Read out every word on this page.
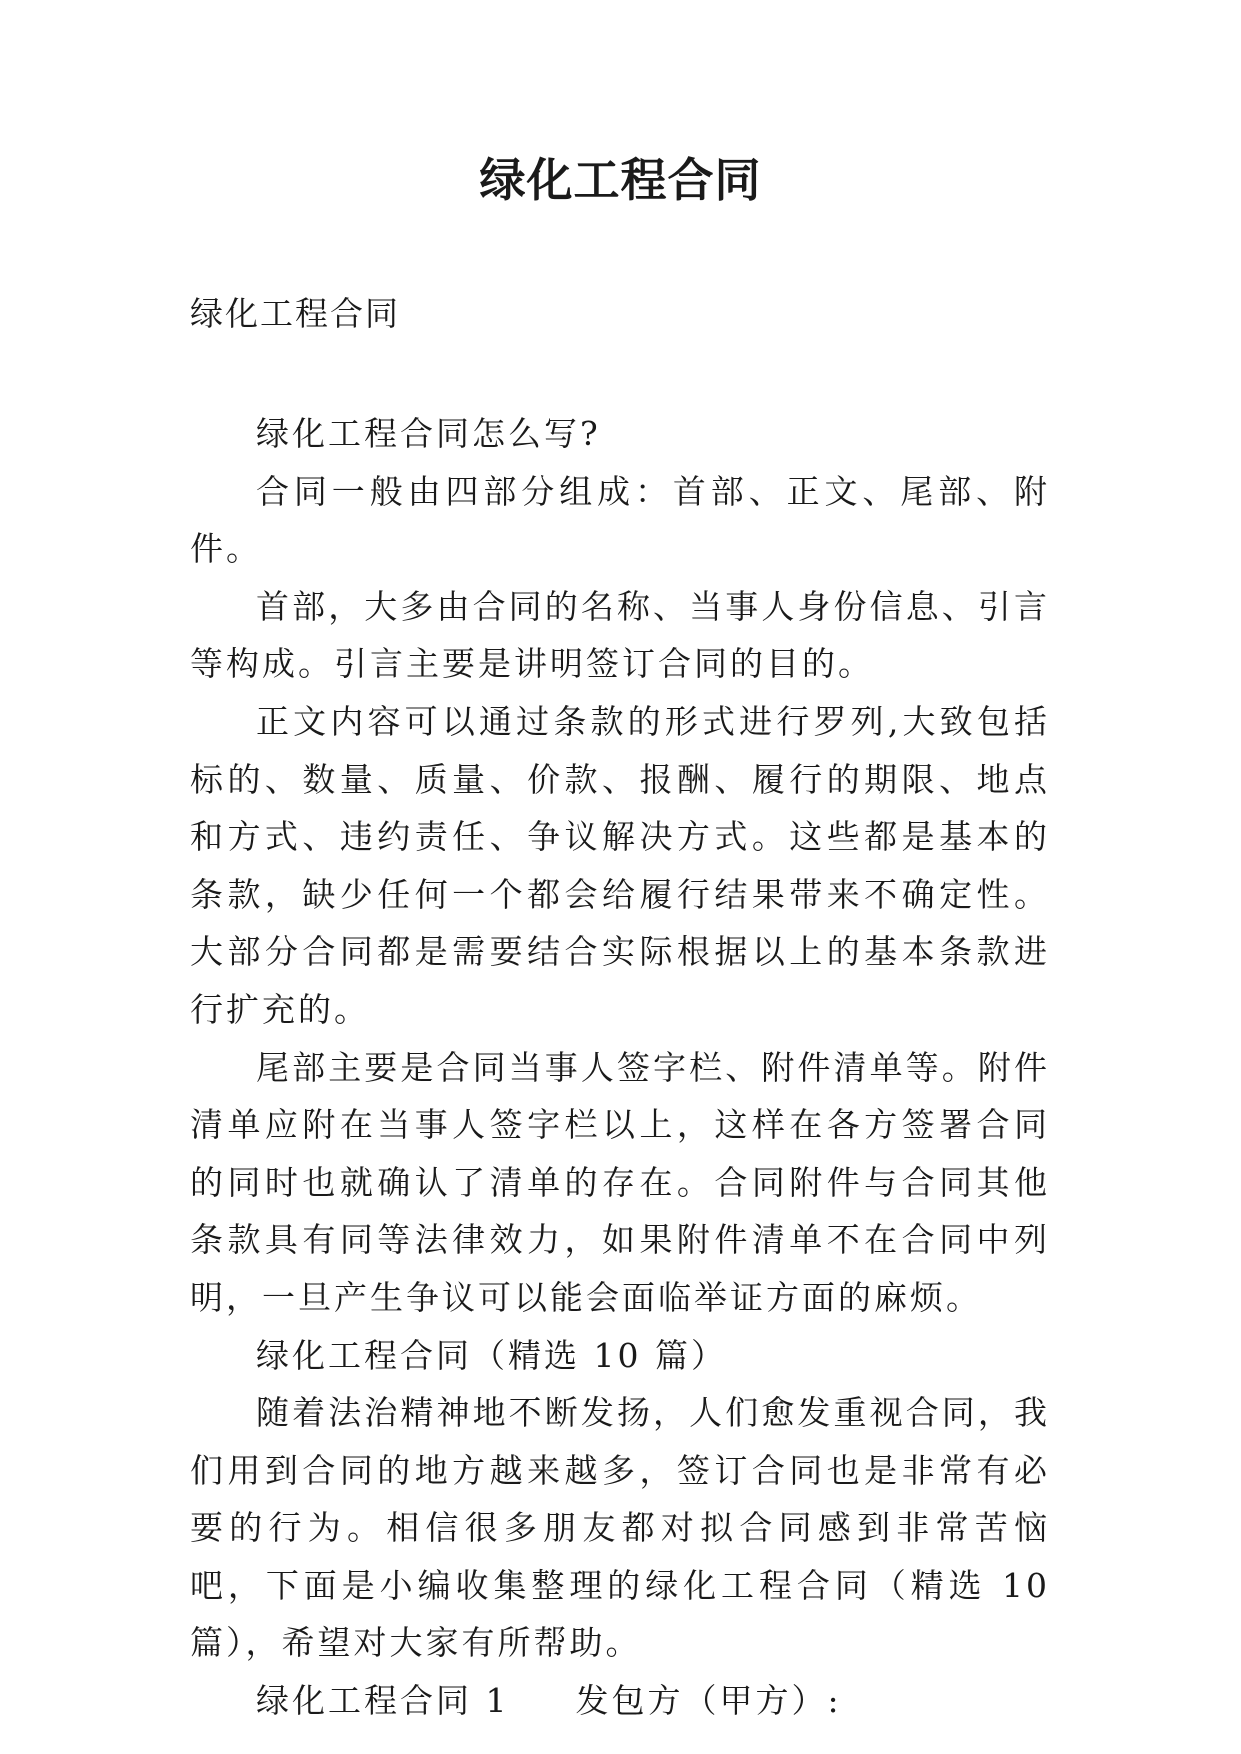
绿化工程合同
绿化工程合同

绿化工程合同怎么写?

合同一般由四部分组成：首部、正文、尾部、附件。

首部，大多由合同的名称、当事人身份信息、引言等构成。引言主要是讲明签订合同的目的。

正文内容可以通过条款的形式进行罗列,大致包括标的、数量、质量、价款、报酬、履行的期限、地点和方式、违约责任、争议解决方式。这些都是基本的条款，缺少任何一个都会给履行结果带来不确定性。大部分合同都是需要结合实际根据以上的基本条款进行扩充的。

尾部主要是合同当事人签字栏、附件清单等。附件清单应附在当事人签字栏以上，这样在各方签署合同的同时也就确认了清单的存在。合同附件与合同其他条款具有同等法律效力，如果附件清单不在合同中列明，一旦产生争议可以能会面临举证方面的麻烦。

绿化工程合同（精选 10 篇）

随着法治精神地不断发扬，人们愈发重视合同，我们用到合同的地方越来越多，签订合同也是非常有必要的行为。相信很多朋友都对拟合同感到非常苦恼吧，下面是小编收集整理的绿化工程合同（精选 10 篇），希望对大家有所帮助。

绿化工程合同 1 发包方（甲方）:
